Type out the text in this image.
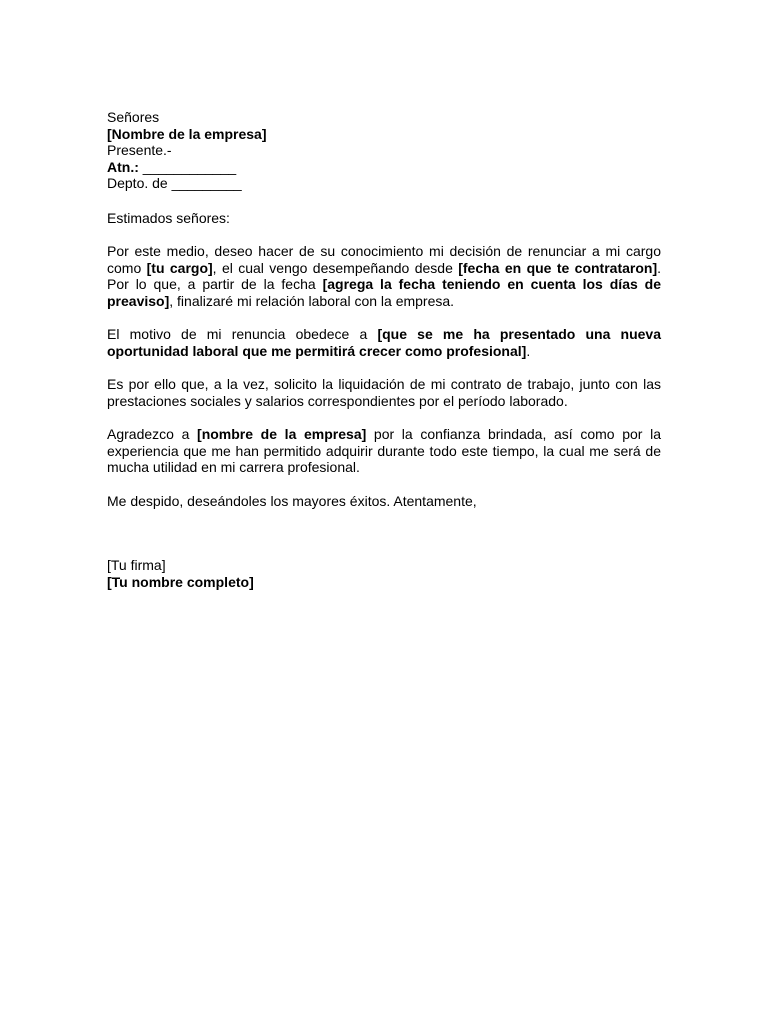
Señores
[Nombre de la empresa]
Presente.-
Atn.: ____________
Depto. de _________
Estimados señores:

Por este medio, deseo hacer de su conocimiento mi decisión de renunciar a mi cargo como [tu cargo], el cual vengo desempeñando desde [fecha en que te contrataron]. Por lo que, a partir de la fecha [agrega la fecha teniendo en cuenta los días de preaviso], finalizaré mi relación laboral con la empresa.

El motivo de mi renuncia obedece a [que se me ha presentado una nueva oportunidad laboral que me permitirá crecer como profesional].

Es por ello que, a la vez, solicito la liquidación de mi contrato de trabajo, junto con las prestaciones sociales y salarios correspondientes por el período laborado.

Agradezco a [nombre de la empresa] por la confianza brindada, así como por la experiencia que me han permitido adquirir durante todo este tiempo, la cual me será de mucha utilidad en mi carrera profesional.

Me despido, deseándoles los mayores éxitos. Atentamente,

[Tu firma]
[Tu nombre completo]
